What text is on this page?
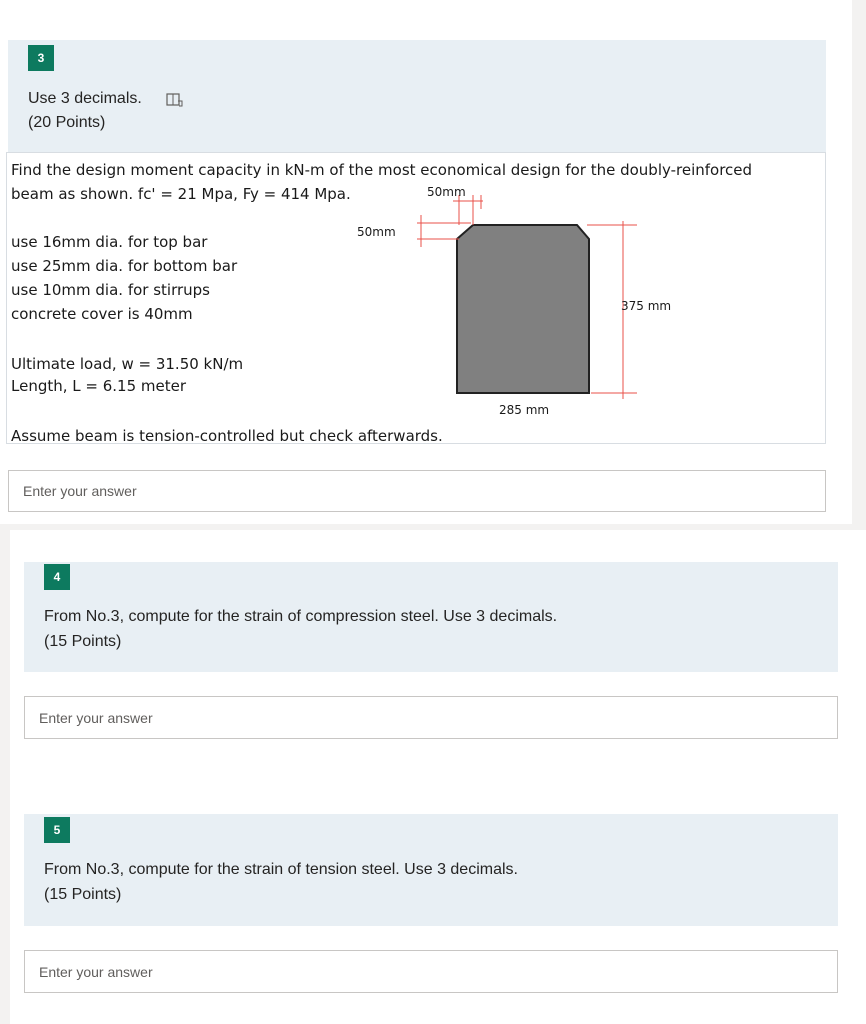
3
Use 3 decimals.
(20 Points)
Find the design moment capacity in kN-m of the most economical design for the doubly-reinforced
beam as shown. fc' = 21 Mpa, Fy = 414 Mpa.
use 16mm dia. for top bar
use 25mm dia. for bottom bar
use 10mm dia. for stirrups
concrete cover is 40mm
Ultimate load, w = 31.50 kN/m
Length, L = 6.15 meter
Assume beam is tension-controlled but check afterwards.
50mm
50mm
375 mm
285 mm
Enter your answer
4
From No.3, compute for the strain of compression steel. Use 3 decimals.
(15 Points)
Enter your answer
5
From No.3, compute for the strain of tension steel. Use 3 decimals.
(15 Points)
Enter your answer
